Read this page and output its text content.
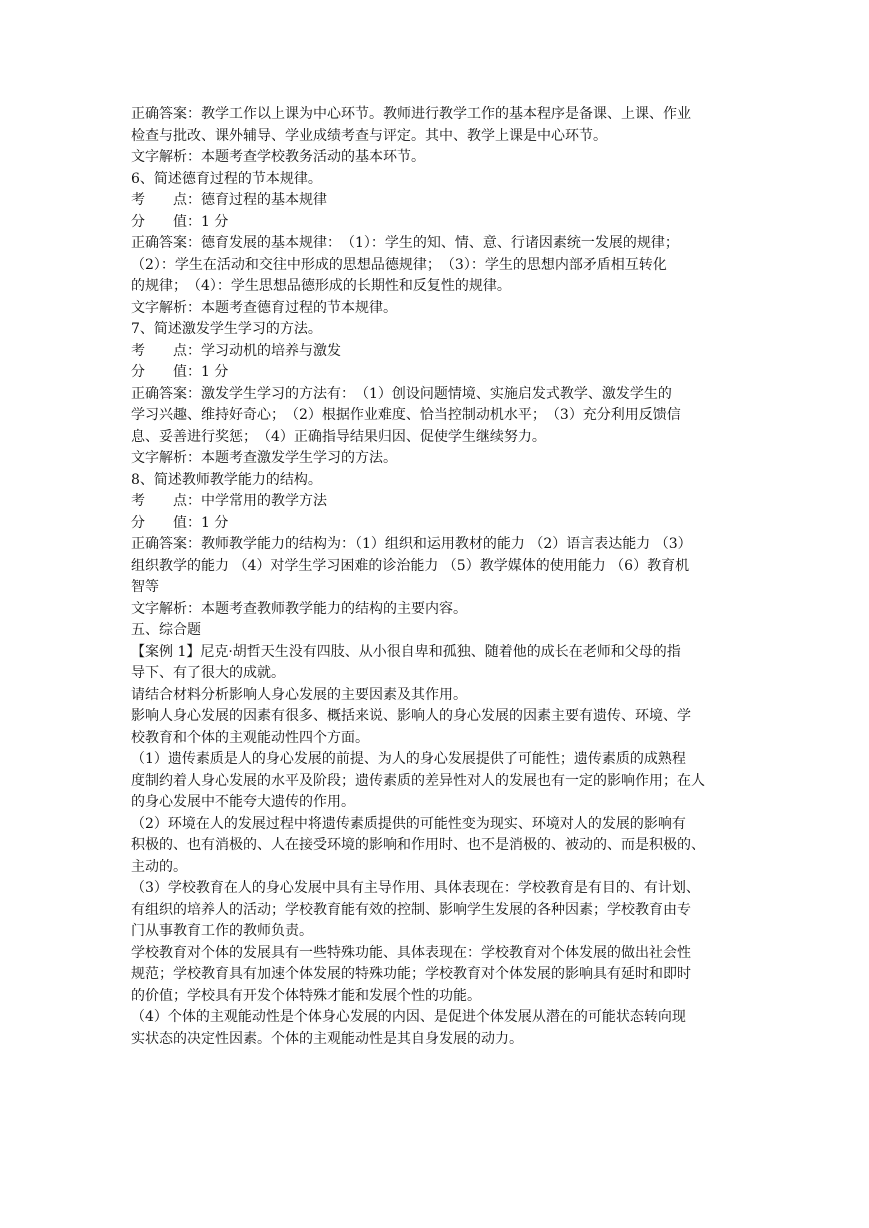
正确答案：教学工作以上课为中心环节。教师进行教学工作的基本程序是备课、上课、作业
检查与批改、课外辅导、学业成绩考查与评定。其中、教学上课是中心环节。
文字解析：本题考查学校教务活动的基本环节。
6、简述德育过程的节本规律。
考　　点：德育过程的基本规律
分　　值：1 分
正确答案：德育发展的基本规律：　（1）：学生的知、情、意、行诸因素统一发展的规律；
（2）：学生在活动和交往中形成的思想品德规律；　（3）：学生的思想内部矛盾相互转化
的规律；　（4）：学生思想品德形成的长期性和反复性的规律。
文字解析：本题考查德育过程的节本规律。
7、简述激发学生学习的方法。
考　　点：学习动机的培养与激发
分　　值：1 分
正确答案：激发学生学习的方法有：　（1）创设问题情境、实施启发式教学、激发学生的
学习兴趣、维持好奇心；　（2）根据作业难度、恰当控制动机水平；　（3）充分利用反馈信
息、妥善进行奖惩；　（4）正确指导结果归因、促使学生继续努力。
文字解析：本题考查激发学生学习的方法。
8、简述教师教学能力的结构。
考　　点：中学常用的教学方法
分　　值：1 分
正确答案：教师教学能力的结构为：（1）组织和运用教材的能力 （2）语言表达能力 （3）
组织教学的能力 （4）对学生学习困难的诊治能力 （5）教学媒体的使用能力 （6）教育机
智等
文字解析：本题考查教师教学能力的结构的主要内容。
五、综合题
【案例 1】尼克·胡哲天生没有四肢、从小很自卑和孤独、随着他的成长在老师和父母的指
导下、有了很大的成就。
请结合材料分析影响人身心发展的主要因素及其作用。
影响人身心发展的因素有很多、概括来说、影响人的身心发展的因素主要有遗传、环境、学
校教育和个体的主观能动性四个方面。
（1）遗传素质是人的身心发展的前提、为人的身心发展提供了可能性；遗传素质的成熟程
度制约着人身心发展的水平及阶段；遗传素质的差异性对人的发展也有一定的影响作用；在人
的身心发展中不能夸大遗传的作用。
（2）环境在人的发展过程中将遗传素质提供的可能性变为现实、环境对人的发展的影响有
积极的、也有消极的、人在接受环境的影响和作用时、也不是消极的、被动的、而是积极的、
主动的。
（3）学校教育在人的身心发展中具有主导作用、具体表现在：学校教育是有目的、有计划、
有组织的培养人的活动；学校教育能有效的控制、影响学生发展的各种因素；学校教育由专
门从事教育工作的教师负责。
学校教育对个体的发展具有一些特殊功能、具体表现在：学校教育对个体发展的做出社会性
规范；学校教育具有加速个体发展的特殊功能；学校教育对个体发展的影响具有延时和即时
的价值；学校具有开发个体特殊才能和发展个性的功能。
（4）个体的主观能动性是个体身心发展的内因、是促进个体发展从潜在的可能状态转向现
实状态的决定性因素。个体的主观能动性是其自身发展的动力。
